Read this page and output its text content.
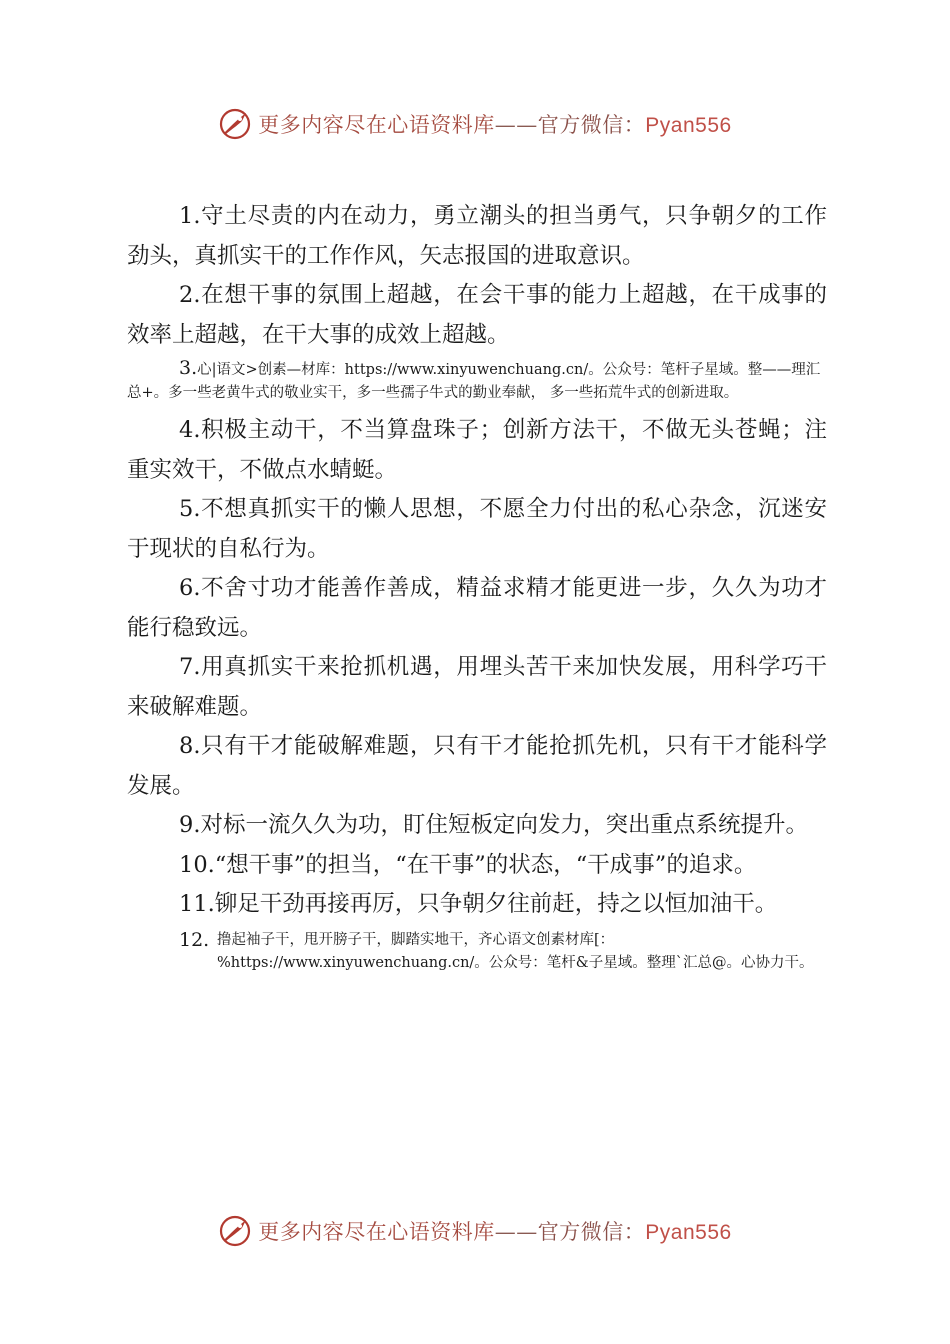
更多内容尽在心语资料库——官方微信：Pyan556

1.守土尽责的内在动力，勇立潮头的担当勇气，只争朝夕的工作劲头，真抓实干的工作作风，矢志报国的进取意识。

2.在想干事的氛围上超越，在会干事的能力上超越，在干成事的效率上超越，在干大事的成效上超越。

3.心|语文>创素—材库：https://www.xinyuwenchuang.cn/。公众号：笔杆子星域。整——理汇总+。多一些老黄牛式的敬业实干，多一些孺子牛式的勤业奉献， 多一些拓荒牛式的创新进取。

4.积极主动干，不当算盘珠子；创新方法干，不做无头苍蝇；注重实效干，不做点水蜻蜓。

5.不想真抓实干的懒人思想，不愿全力付出的私心杂念，沉迷安于现状的自私行为。

6.不舍寸功才能善作善成，精益求精才能更进一步，久久为功才能行稳致远。

7.用真抓实干来抢抓机遇，用埋头苦干来加快发展，用科学巧干来破解难题。

8.只有干才能破解难题，只有干才能抢抓先机，只有干才能科学发展。

9.对标一流久久为功，盯住短板定向发力，突出重点系统提升。

10.“想干事”的担当，“在干事”的状态，“干成事”的追求。

11.铆足干劲再接再厉，只争朝夕往前赶，持之以恒加油干。

12. 撸起袖子干，甩开膀子干，脚踏实地干，齐心语文创素材库[：%https://www.xinyuwenchuang.cn/。公众号：笔杆&子星域。整理`汇总@。心协力干。

更多内容尽在心语资料库——官方微信：Pyan556
